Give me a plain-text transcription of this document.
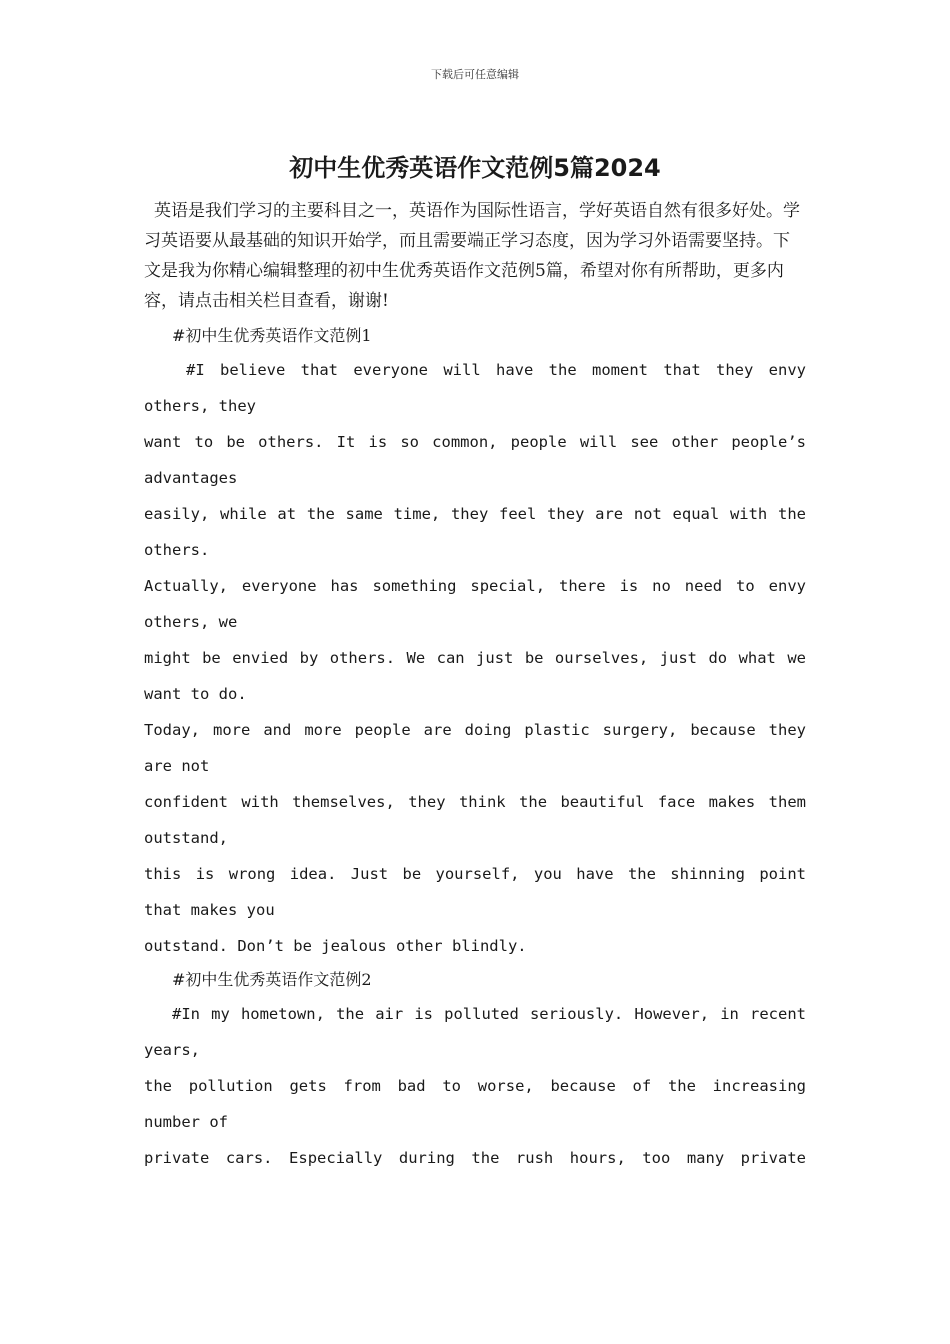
下载后可任意编辑
初中生优秀英语作文范例5篇2024

英语是我们学习的主要科目之一，英语作为国际性语言，学好英语自然有很多好处。学习英语要从最基础的知识开始学，而且需要端正学习态度，因为学习外语需要坚持。下文是我为你精心编辑整理的初中生优秀英语作文范例5篇，希望对你有所帮助，更多内容，请点击相关栏目查看，谢谢!

#初中生优秀英语作文范例1

#I believe that everyone will have the moment that they envy

others, they

want to be others. It is so common, people will see other people’s

advantages

easily, while at the same time, they feel they are not equal with the

others.

Actually, everyone has something special, there is no need to envy

others, we

might be envied by others. We can just be ourselves, just do what we

want to do.

Today, more and more people are doing plastic surgery, because they

are not

confident with themselves, they think the beautiful face makes them

outstand,

this is wrong idea. Just be yourself, you have the shinning point

that makes you

outstand. Don’t be jealous other blindly.

#初中生优秀英语作文范例2

#In my hometown, the air is polluted seriously. However, in recent

years,

the pollution gets from bad to worse, because of the increasing

number of

private cars. Especially during the rush hours, too many private
